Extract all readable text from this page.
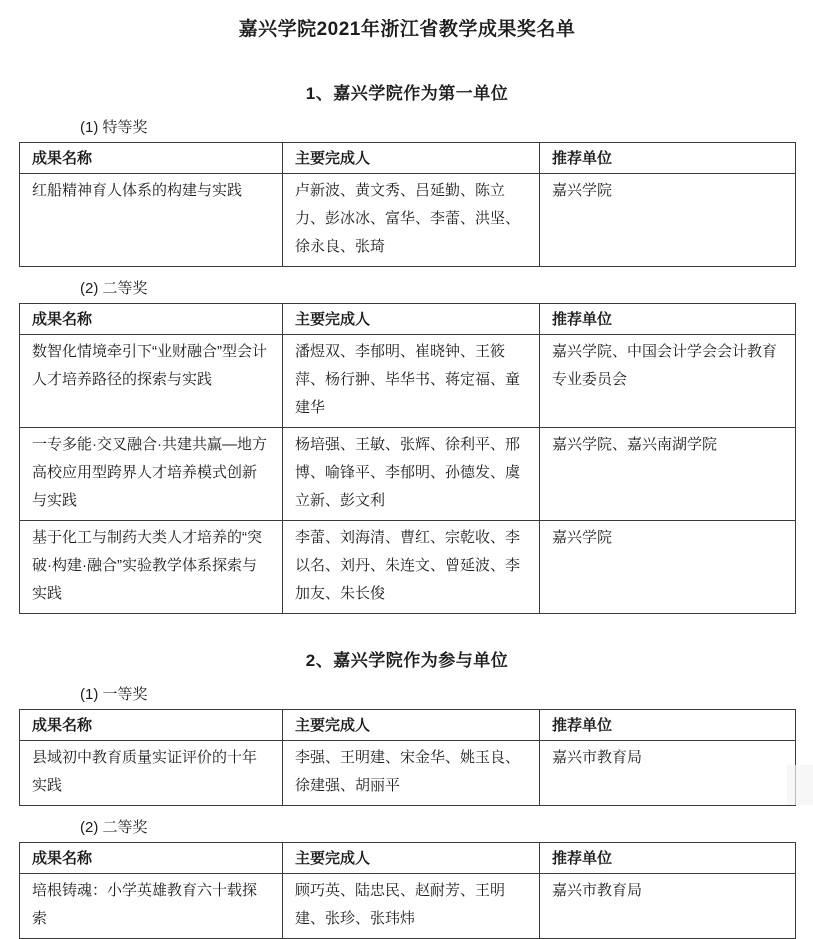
嘉兴学院2021年浙江省教学成果奖名单
1、嘉兴学院作为第一单位
(1) 特等奖
成果名称	主要完成人	推荐单位
红船精神育人体系的构建与实践	卢新波、黄文秀、吕延勤、陈立力、彭冰冰、富华、李蕾、洪坚、徐永良、张琦	嘉兴学院
(2) 二等奖
成果名称	主要完成人	推荐单位
数智化情境牵引下“业财融合”型会计人才培养路径的探索与实践	潘煜双、李郁明、崔晓钟、王筱萍、杨行翀、毕华书、蒋定福、童建华	嘉兴学院、中国会计学会会计教育专业委员会
一专多能·交叉融合·共建共赢—地方高校应用型跨界人才培养模式创新与实践	杨培强、王敏、张辉、徐利平、邢博、喻锋平、李郁明、孙德发、虞立新、彭文利	嘉兴学院、嘉兴南湖学院
基于化工与制药大类人才培养的“突破·构建·融合”实验教学体系探索与实践	李蕾、刘海清、曹红、宗乾收、李以名、刘丹、朱连文、曾延波、李加友、朱长俊	嘉兴学院
2、嘉兴学院作为参与单位
(1) 一等奖
成果名称	主要完成人	推荐单位
县域初中教育质量实证评价的十年实践	李强、王明建、宋金华、姚玉良、徐建强、胡丽平	嘉兴市教育局
(2) 二等奖
成果名称	主要完成人	推荐单位
培根铸魂：小学英雄教育六十载探索	顾巧英、陆忠民、赵耐芳、王明建、张珍、张玮炜	嘉兴市教育局
